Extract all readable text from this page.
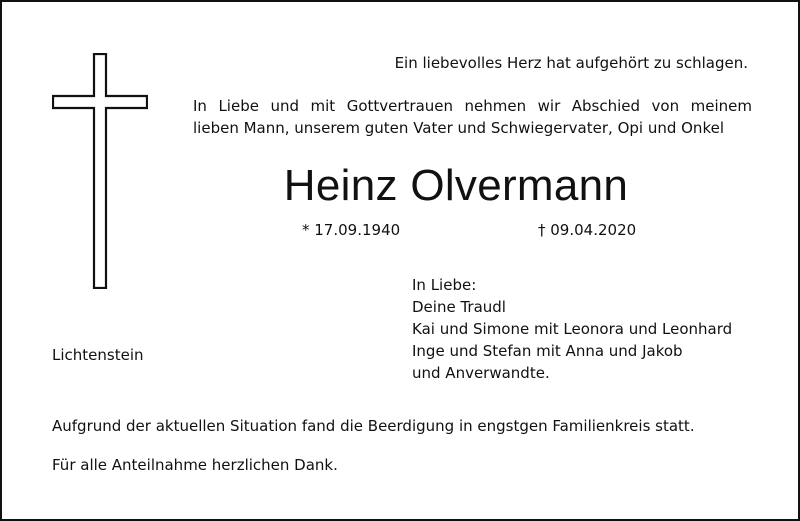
Ein liebevolles Herz hat aufgehört zu schlagen.
In Liebe und mit Gottvertrauen nehmen wir Abschied von meinem
lieben Mann, unserem guten Vater und Schwiegervater, Opi und Onkel
Heinz Olvermann
* 17.09.1940	† 09.04.2020
In Liebe:
Deine Traudl
Kai und Simone mit Leonora und Leonhard
Inge und Stefan mit Anna und Jakob
und Anverwandte.
Lichtenstein
Aufgrund der aktuellen Situation fand die Beerdigung in engstgen Familienkreis statt.
Für alle Anteilnahme herzlichen Dank.
